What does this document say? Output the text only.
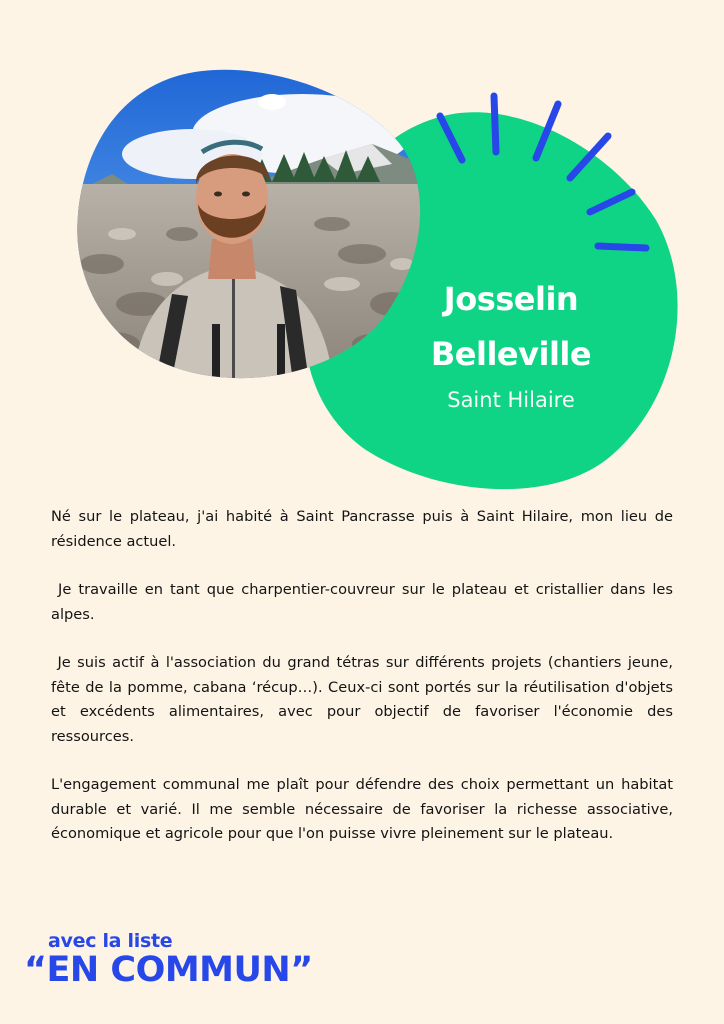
Josselin
Belleville
Saint Hilaire

Né sur le plateau, j'ai habité à Saint Pancrasse puis à Saint Hilaire, mon lieu de résidence actuel.

Je travaille en tant que charpentier-couvreur sur le plateau et cristallier dans les alpes.

Je suis actif à l'association du grand tétras sur différents projets (chantiers jeune, fête de la pomme, cabana ‘récup…). Ceux-ci sont portés sur la réutilisation d'objets et excédents alimentaires, avec pour objectif de favoriser l'économie des ressources.

L'engagement communal me plaît pour défendre des choix permettant un habitat durable et varié. Il me semble nécessaire de favoriser la richesse associative, économique et agricole pour que l'on puisse vivre pleinement sur le plateau.

avec la liste
“EN COMMUN”
